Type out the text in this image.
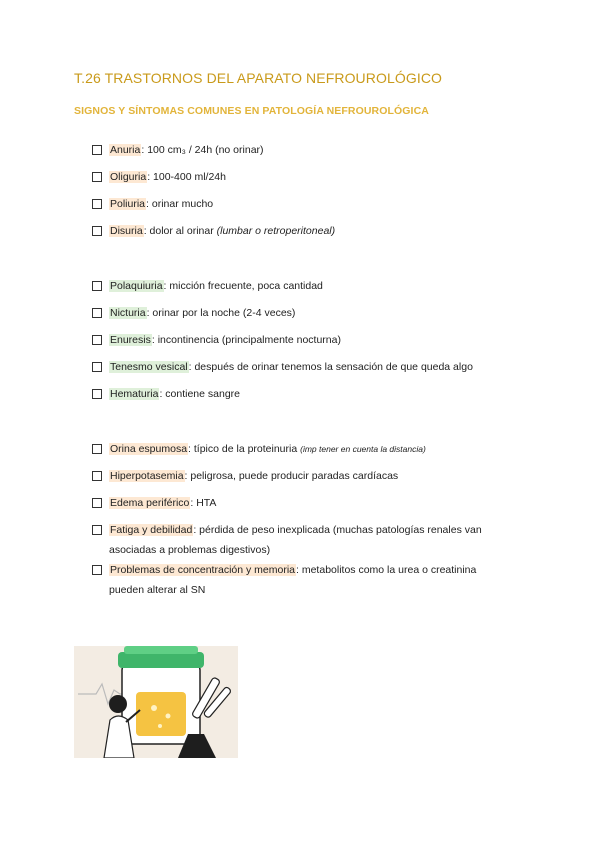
T.26 TRASTORNOS DEL APARATO NEFROUROLÓGICO
SIGNOS Y SÍNTOMAS COMUNES EN PATOLOGÍA NEFROUROLÓGICA
Anuria: 100 cm₃ / 24h (no orinar)
Oliguria: 100-400 ml/24h
Poliuria: orinar mucho
Disuria: dolor al orinar (lumbar o retroperitoneal)
Polaquiuria: micción frecuente, poca cantidad
Nicturia: orinar por la noche (2-4 veces)
Enuresis: incontinencia (principalmente nocturna)
Tenesmo vesical: después de orinar tenemos la sensación de que queda algo
Hematuria: contiene sangre
Orina espumosa: típico de la proteinuria (imp tener en cuenta la distancia)
Hiperpotasemia: peligrosa, puede producir paradas cardíacas
Edema periférico: HTA
Fatiga y debilidad: pérdida de peso inexplicada (muchas patologías renales van asociadas a problemas digestivos)
Problemas de concentración y memoria: metabolitos como la urea o creatinina pueden alterar al SN
